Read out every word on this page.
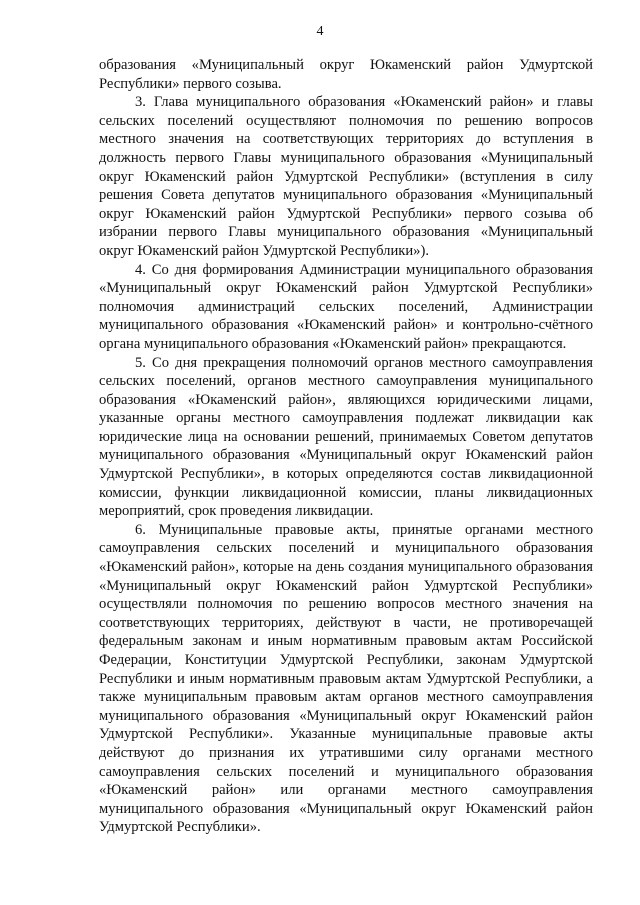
4

образования «Муниципальный округ Юкаменский район Удмуртской Республики» первого созыва.

3. Глава муниципального образования «Юкаменский район» и главы сельских поселений осуществляют полномочия по решению вопросов местного значения на соответствующих территориях до вступления в должность первого Главы муниципального образования «Муниципальный округ Юкаменский район Удмуртской Республики» (вступления в силу решения Совета депутатов муниципального образования «Муниципальный округ Юкаменский район Удмуртской Республики» первого созыва об избрании первого Главы муниципального образования «Муниципальный округ Юкаменский район Удмуртской Республики»).

4. Со дня формирования Администрации муниципального образования «Муниципальный округ Юкаменский район Удмуртской Республики» полномочия администраций сельских поселений, Администрации муниципального образования «Юкаменский район» и контрольно-счётного органа муниципального образования «Юкаменский район» прекращаются.

5. Со дня прекращения полномочий органов местного самоуправления сельских поселений, органов местного самоуправления муниципального образования «Юкаменский район», являющихся юридическими лицами, указанные органы местного самоуправления подлежат ликвидации как юридические лица на основании решений, принимаемых Советом депутатов муниципального образования «Муниципальный округ Юкаменский район Удмуртской Республики», в которых определяются состав ликвидационной комиссии, функции ликвидационной комиссии, планы ликвидационных мероприятий, срок проведения ликвидации.

6. Муниципальные правовые акты, принятые органами местного самоуправления сельских поселений и муниципального образования «Юкаменский район», которые на день создания муниципального образования «Муниципальный округ Юкаменский район Удмуртской Республики» осуществляли полномочия по решению вопросов местного значения на соответствующих территориях, действуют в части, не противоречащей федеральным законам и иным нормативным правовым актам Российской Федерации, Конституции Удмуртской Республики, законам Удмуртской Республики и иным нормативным правовым актам Удмуртской Республики, а также муниципальным правовым актам органов местного самоуправления муниципального образования «Муниципальный округ Юкаменский район Удмуртской Республики». Указанные муниципальные правовые акты действуют до признания их утратившими силу органами местного самоуправления сельских поселений и муниципального образования «Юкаменский район» или органами местного самоуправления муниципального образования «Муниципальный округ Юкаменский район Удмуртской Республики».
